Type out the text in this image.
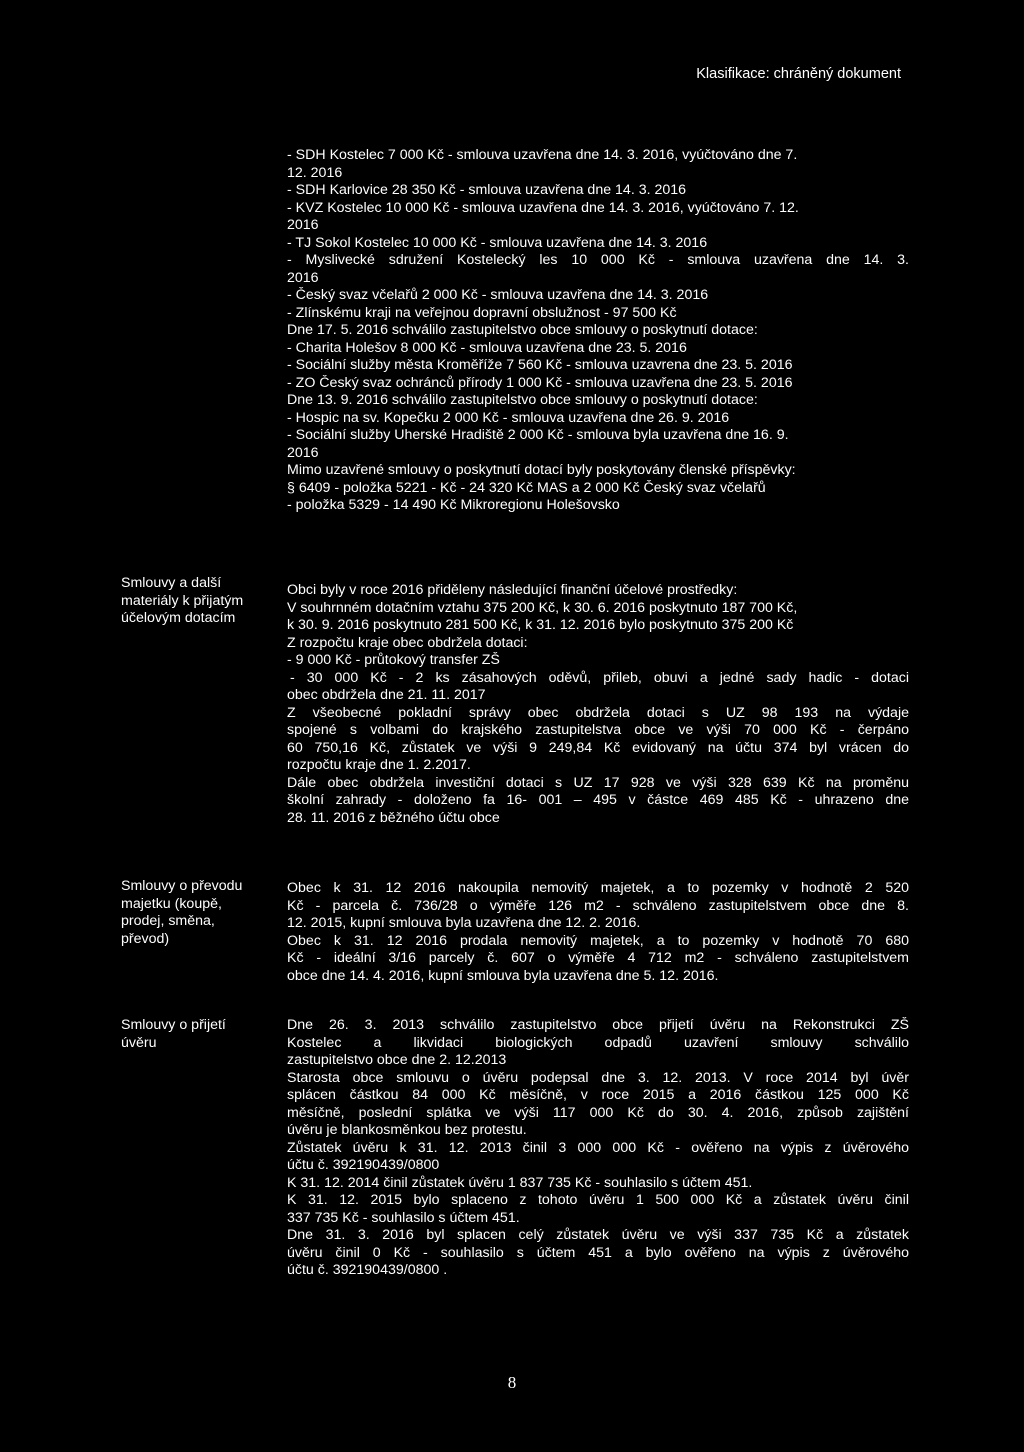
Klasifikace: chráněný dokument
Smlouvy a další
materiály k přijatým
účelovým dotacím
Smlouvy o převodu
majetku (koupě,
prodej, směna,
převod)
Smlouvy o přijetí
úvěru
- SDH Kostelec 7 000 Kč - smlouva uzavřena dne 14. 3. 2016, vyúčtováno dne 7.
12. 2016
- SDH Karlovice 28 350 Kč - smlouva uzavřena dne 14. 3. 2016
- KVZ Kostelec 10 000 Kč - smlouva uzavřena dne 14. 3. 2016, vyúčtováno 7. 12.
2016
- TJ Sokol Kostelec 10 000 Kč - smlouva uzavřena dne 14. 3. 2016
- Myslivecké sdružení Kostelecký les 10 000 Kč - smlouva uzavřena dne 14. 3.
2016
- Český svaz včelařů 2 000 Kč - smlouva uzavřena dne 14. 3. 2016
- Zlínskému kraji na veřejnou dopravní obslužnost - 97 500 Kč
Dne 17. 5. 2016 schválilo zastupitelstvo obce smlouvy o poskytnutí dotace:
- Charita Holešov 8 000 Kč - smlouva uzavřena dne 23. 5. 2016
- Sociální služby města Kroměříže 7 560 Kč - smlouva uzavrena dne 23. 5. 2016
- ZO Český svaz ochránců přírody 1 000 Kč - smlouva uzavřena dne 23. 5. 2016
Dne 13. 9. 2016 schválilo zastupitelstvo obce smlouvy o poskytnutí dotace:
- Hospic na sv. Kopečku 2 000 Kč - smlouva uzavřena dne 26. 9. 2016
- Sociální služby Uherské Hradiště 2 000 Kč - smlouva byla uzavřena dne 16. 9.
2016
Mimo uzavřené smlouvy o poskytnutí dotací byly poskytovány členské příspěvky:
§ 6409 - položka 5221 - Kč - 24 320 Kč MAS a 2 000 Kč Český svaz včelařů
- položka 5329 - 14 490 Kč Mikroregionu Holešovsko
Obci byly v roce 2016 přiděleny následující finanční účelové prostředky:
V souhrnném dotačním vztahu 375 200 Kč, k 30. 6. 2016 poskytnuto 187 700 Kč,
k 30. 9. 2016 poskytnuto 281 500 Kč, k 31. 12. 2016 bylo poskytnuto 375 200 Kč
Z rozpočtu kraje obec obdržela dotaci:
- 9 000 Kč - průtokový transfer ZŠ
- 30 000 Kč - 2 ks zásahových oděvů, přileb, obuvi a jedné sady hadic - dotaci
obec obdržela dne 21. 11. 2017
Z všeobecné pokladní správy obec obdržela dotaci s UZ 98 193 na výdaje
spojené s volbami do krajského zastupitelstva obce ve výši 70 000 Kč - čerpáno
60 750,16 Kč, zůstatek ve výši 9 249,84 Kč evidovaný na účtu 374 byl vrácen do
rozpočtu kraje dne 1. 2.2017.
Dále obec obdržela investiční dotaci s UZ 17 928 ve výši 328 639 Kč na proměnu
školní zahrady - doloženo fa 16- 001 – 495 v částce 469 485 Kč - uhrazeno dne
28. 11. 2016 z běžného účtu obce
Obec k 31. 12 2016 nakoupila nemovitý majetek, a to pozemky v hodnotě 2 520
Kč - parcela č. 736/28 o výměře 126 m2 - schváleno zastupitelstvem obce dne 8.
12. 2015, kupní smlouva byla uzavřena dne 12. 2. 2016.
Obec k 31. 12 2016 prodala nemovitý majetek, a to pozemky v hodnotě 70 680
Kč - ideální 3/16 parcely č. 607 o výměře 4 712 m2 - schváleno zastupitelstvem
obce dne 14. 4. 2016, kupní smlouva byla uzavřena dne 5. 12. 2016.
Dne 26. 3. 2013 schválilo zastupitelstvo obce přijetí úvěru na Rekonstrukci ZŠ
Kostelec a likvidaci biologických odpadů uzavření smlouvy schválilo
zastupitelstvo obce dne 2. 12.2013
Starosta obce smlouvu o úvěru podepsal dne 3. 12. 2013. V roce 2014 byl úvěr
splácen částkou 84 000 Kč měsíčně, v roce 2015 a 2016 částkou 125 000 Kč
měsíčně, poslední splátka ve výši 117 000 Kč do 30. 4. 2016, způsob zajištění
úvěru je blankosměnkou bez protestu.
Zůstatek úvěru k 31. 12. 2013 činil 3 000 000 Kč - ověřeno na výpis z úvěrového
účtu č. 392190439/0800
K 31. 12. 2014 činil zůstatek úvěru 1 837 735 Kč - souhlasilo s účtem 451.
K 31. 12. 2015 bylo splaceno z tohoto úvěru 1 500 000 Kč a zůstatek úvěru činil
337 735 Kč - souhlasilo s účtem 451.
Dne 31. 3. 2016 byl splacen celý zůstatek úvěru ve výši 337 735 Kč a zůstatek
úvěru činil 0 Kč - souhlasilo s účtem 451 a bylo ověřeno na výpis z úvěrového
účtu č. 392190439/0800 .
8
